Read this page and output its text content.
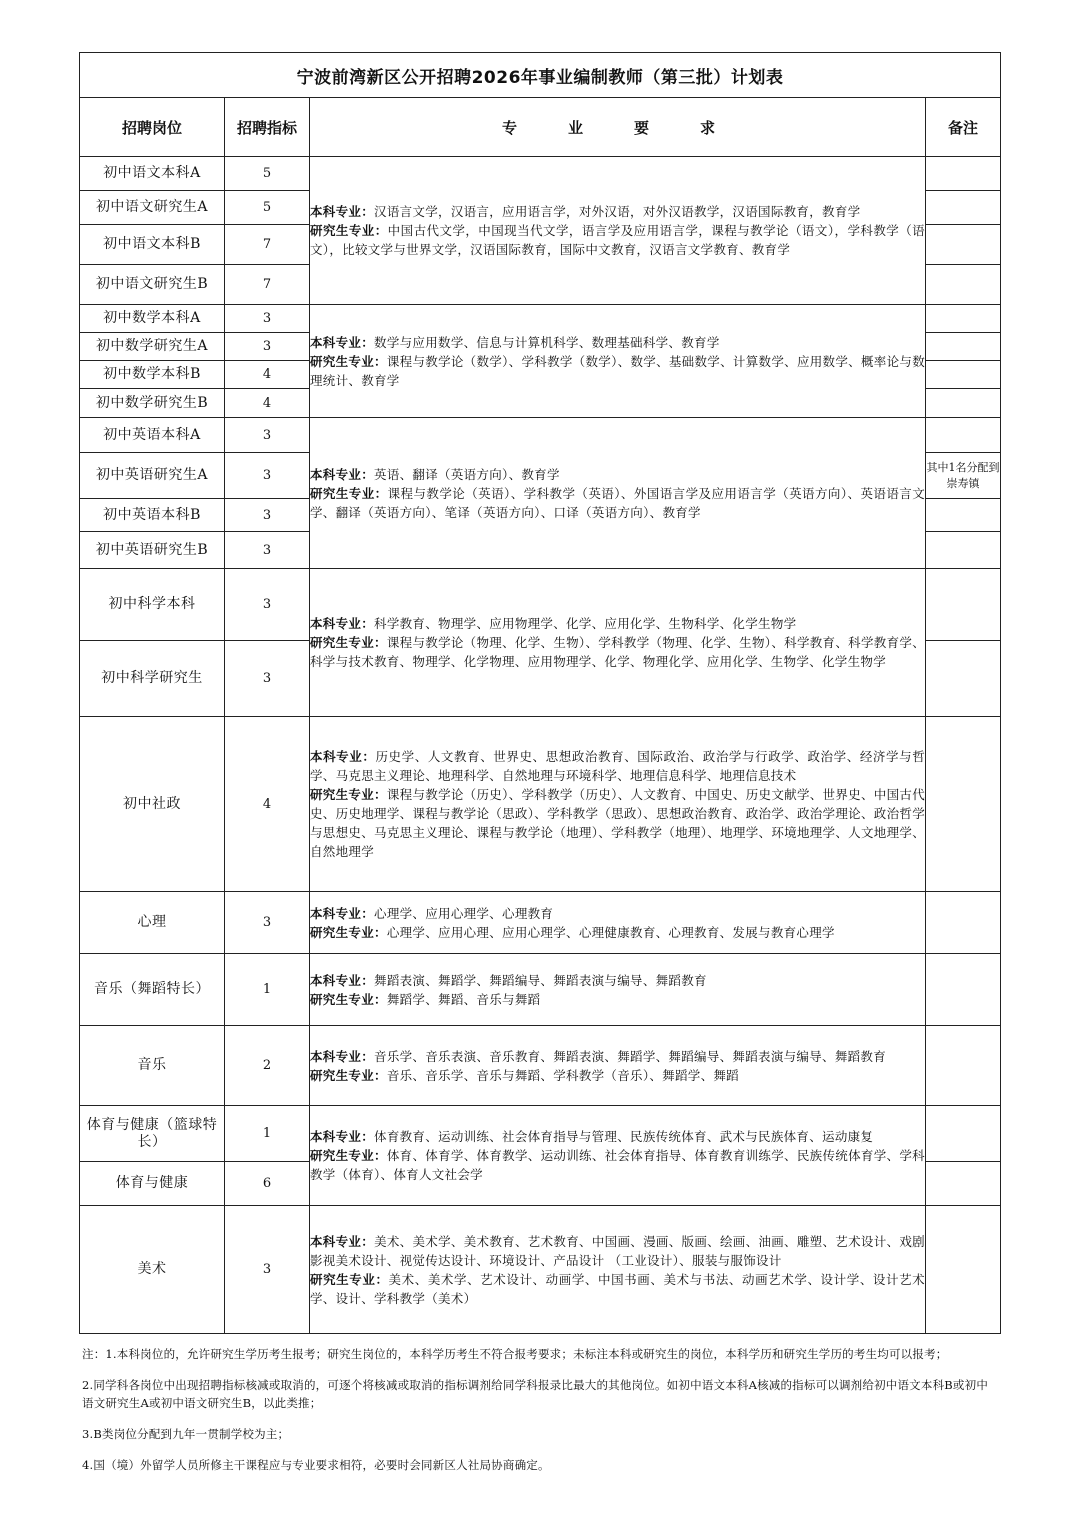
宁波前湾新区公开招聘2026年事业编制教师（第三批）计划表			
招聘岗位	招聘指标	专　业　要　求	备注
初中语文本科A	5	本科专业：汉语言文学，汉语言，应用语言学，对外汉语，对外汉语教学，汉语国际教育，教育学
研究生专业：中国古代文学，中国现当代文学，语言学及应用语言学，课程与教学论（语文），学科教学（语文），比较文学与世界文学，汉语国际教育，国际中文教育，汉语言文学教育、教育学	

初中语文研究生A	5		
初中语文本科B	7		
初中语文研究生B	7		
初中数学本科A	3	本科专业：数学与应用数学、信息与计算机科学、数理基础科学、教育学
研究生专业：课程与教学论（数学）、学科教学（数学）、数学、基础数学、计算数学、应用数学、概率论与数理统计、教育学	

初中数学研究生A	3		
初中数学本科B	4		
初中数学研究生B	4		
初中英语本科A	3	本科专业：英语、翻译（英语方向）、教育学
研究生专业：课程与教学论（英语）、学科教学（英语）、外国语言学及应用语言学（英语方向）、英语语言文学、翻译（英语方向）、笔译（英语方向）、口译（英语方向）、教育学	

初中英语研究生A	3		其中1名分配到崇寿镇
初中英语本科B	3		
初中英语研究生B	3		
初中科学本科	3	本科专业：科学教育、物理学、应用物理学、化学、应用化学、生物科学、化学生物学
研究生专业：课程与教学论（物理、化学、生物）、学科教学（物理、化学、生物）、科学教育、科学教育学、科学与技术教育、物理学、化学物理、应用物理学、化学、物理化学、应用化学、生物学、化学生物学	

初中科学研究生	3		
初中社政	4	本科专业：历史学、人文教育、世界史、思想政治教育、国际政治、政治学与行政学、政治学、经济学与哲学、马克思主义理论、地理科学、自然地理与环境科学、地理信息科学、地理信息技术
研究生专业：课程与教学论（历史）、学科教学（历史）、人文教育、中国史、历史文献学、世界史、中国古代史、历史地理学、课程与教学论（思政）、学科教学（思政）、思想政治教育、政治学、政治学理论、政治哲学与思想史、马克思主义理论、课程与教学论（地理）、学科教学（地理）、地理学、环境地理学、人文地理学、自然地理学	

心理	3	本科专业：心理学、应用心理学、心理教育
研究生专业：心理学、应用心理、应用心理学、心理健康教育、心理教育、发展与教育心理学	

音乐（舞蹈特长）	1	本科专业：舞蹈表演、舞蹈学、舞蹈编导、舞蹈表演与编导、舞蹈教育
研究生专业：舞蹈学、舞蹈、音乐与舞蹈	

音乐	2	本科专业：音乐学、音乐表演、音乐教育、舞蹈表演、舞蹈学、舞蹈编导、舞蹈表演与编导、舞蹈教育
研究生专业：音乐、音乐学、音乐与舞蹈、学科教学（音乐）、舞蹈学、舞蹈	

体育与健康（篮球特长）	1	本科专业：体育教育、运动训练、社会体育指导与管理、民族传统体育、武术与民族体育、运动康复
研究生专业：体育、体育学、体育教学、运动训练、社会体育指导、体育教育训练学、民族传统体育学、学科教学（体育）、体育人文社会学	

体育与健康	6		
美术	3	本科专业：美术、美术学、美术教育、艺术教育、中国画、漫画、版画、绘画、油画、雕塑、艺术设计、戏剧影视美术设计、视觉传达设计、环境设计、产品设计 （工业设计）、服装与服饰设计
研究生专业：美术、美术学、艺术设计、动画学、中国书画、美术与书法、动画艺术学、设计学、设计艺术学、设计、学科教学（美术）	

注：1.本科岗位的，允许研究生学历考生报考；研究生岗位的，本科学历考生不符合报考要求；未标注本科或研究生的岗位，本科学历和研究生学历的考生均可以报考；

2.同学科各岗位中出现招聘指标核减或取消的，可逐个将核减或取消的指标调剂给同学科报录比最大的其他岗位。如初中语文本科A核减的指标可以调剂给初中语文本科B或初中语文研究生A或初中语文研究生B，以此类推；

3.B类岗位分配到九年一贯制学校为主；

4.国（境）外留学人员所修主干课程应与专业要求相符，必要时会同新区人社局协商确定。
